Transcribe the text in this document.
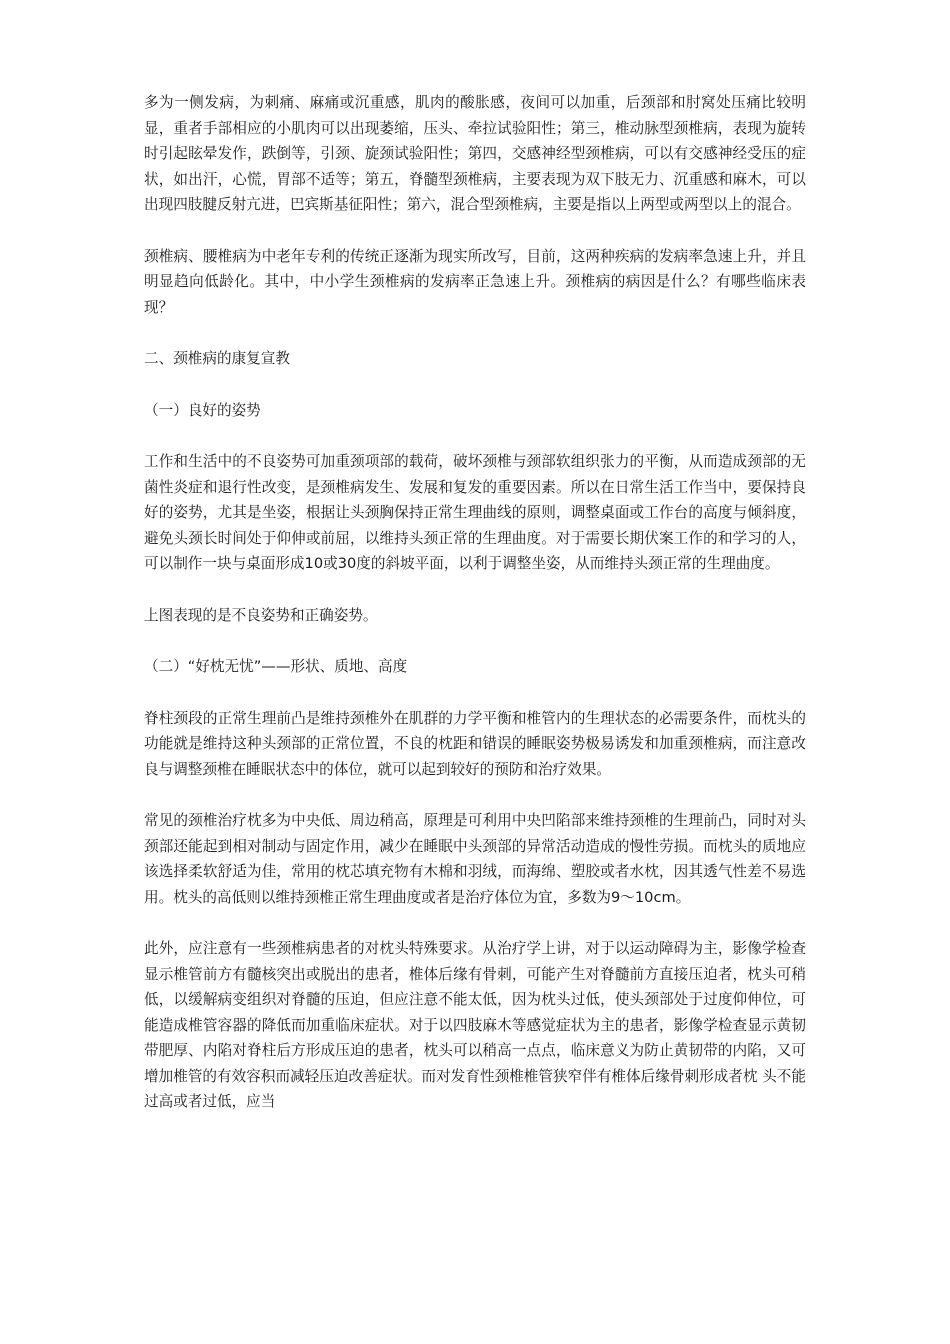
多为一侧发病，为刺痛、麻痛或沉重感，肌肉的酸胀感，夜间可以加重，后颈部和肘窝处压痛比较明显，重者手部相应的小肌肉可以出现萎缩，压头、牵拉试验阳性；第三，椎动脉型颈椎病，表现为旋转时引起眩晕发作，跌倒等，引颈、旋颈试验阳性；第四，交感神经型颈椎病，可以有交感神经受压的症状，如出汗，心慌，胃部不适等；第五，脊髓型颈椎病，主要表现为双下肢无力、沉重感和麻木，可以出现四肢腱反射亢进，巴宾斯基征阳性；第六，混合型颈椎病，主要是指以上两型或两型以上的混合。

颈椎病、腰椎病为中老年专利的传统正逐渐为现实所改写，目前，这两种疾病的发病率急速上升，并且明显趋向低龄化。其中，中小学生颈椎病的发病率正急速上升。颈椎病的病因是什么？有哪些临床表现？

二、颈椎病的康复宣教

（一）良好的姿势

工作和生活中的不良姿势可加重颈项部的载荷，破坏颈椎与颈部软组织张力的平衡，从而造成颈部的无菌性炎症和退行性改变，是颈椎病发生、发展和复发的重要因素。所以在日常生活工作当中，要保持良好的姿势，尤其是坐姿，根据让头颈胸保持正常生理曲线的原则，调整桌面或工作台的高度与倾斜度，避免头颈长时间处于仰伸或前屈，以维持头颈正常的生理曲度。对于需要长期伏案工作的和学习的人，可以制作一块与桌面形成10或30度的斜坡平面，以利于调整坐姿，从而维持头颈正常的生理曲度。

上图表现的是不良姿势和正确姿势。

（二）“好枕无忧”——形状、质地、高度

脊柱颈段的正常生理前凸是维持颈椎外在肌群的力学平衡和椎管内的生理状态的必需要条件，而枕头的功能就是维持这种头颈部的正常位置，不良的枕距和错误的睡眠姿势极易诱发和加重颈椎病，而注意改良与调整颈椎在睡眠状态中的体位，就可以起到较好的预防和治疗效果。

常见的颈椎治疗枕多为中央低、周边稍高，原理是可利用中央凹陷部来维持颈椎的生理前凸，同时对头颈部还能起到相对制动与固定作用，减少在睡眠中头颈部的异常活动造成的慢性劳损。而枕头的质地应该选择柔软舒适为佳，常用的枕芯填充物有木棉和羽绒，而海绵、塑胶或者水枕，因其透气性差不易选用。枕头的高低则以维持颈椎正常生理曲度或者是治疗体位为宜，多数为9～10cm。

此外，应注意有一些颈椎病患者的对枕头特殊要求。从治疗学上讲，对于以运动障碍为主，影像学检查显示椎管前方有髓核突出或脱出的患者，椎体后缘有骨刺，可能产生对脊髓前方直接压迫者，枕头可稍低，以缓解病变组织对脊髓的压迫，但应注意不能太低，因为枕头过低，使头颈部处于过度仰伸位，可能造成椎管容器的降低而加重临床症状。对于以四肢麻木等感觉症状为主的患者，影像学检查显示黄韧带肥厚、内陷对脊柱后方形成压迫的患者，枕头可以稍高一点点，临床意义为防止黄韧带的内陷，又可增加椎管的有效容积而减轻压迫改善症状。而对发育性颈椎椎管狭窄伴有椎体后缘骨刺形成者枕 头不能过高或者过低，应当
